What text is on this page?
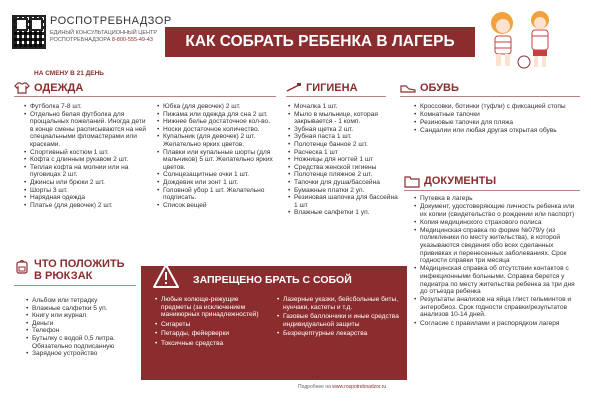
РОСПОТРЕБНАДЗОР
ЕДИНЫЙ КОНСУЛЬТАЦИОННЫЙ ЦЕНТР
РОСПОТРЕБНАДЗОРА 8-800-555-49-43	КАК СОБРАТЬ РЕБЕНКА В ЛАГЕРЬ
НА СМЕНУ В 21 ДЕНЬ
ОДЕЖДА
• Футболка 7-8 шт.
• Отдельно белая футболка для прощальных пожеланий. Иногда дети в конце смены расписываются на ней специальными фломастерами или красками.
• Спортивный костюм 1 шт.
• Кофта с длинным рукавом 2 шт.
• Теплая кофта на молнии или на пуговицах 2 шт.
• Джинсы или брюки 2 шт.
• Шорты 3 шт.
• Нарядная одежда
• Платье (для девочек) 2 шт.
• Юбка (для девочек) 2 шт.
• Пижама или одежда для сна 2 шт.
• Нижнее белье достаточное кол-во.
• Носки достаточное количество.
• Купальник (для девочек) 2 шт. Желательно ярких цветов.
• Плавки или купальные шорты (для мальчиков) 5 шт. Желательно ярких цветов.
• Солнцезащитные очки 1 шт.
• Дождевик или зонт 1 шт.
• Головной убор 1 шт. Желательно подписать.
• Список вещей
ГИГИЕНА
• Мочалка 1 шт.
• Мыло в мыльнице, которая закрывается - 1 комп.
• Зубная щетка 2 шт.
• Зубная паста 1 шт.
• Полотенце банное 2 шт.
• Расческа 1 шт
• Ножницы для ногтей 1 шт
• Средства женской гигиены
• Полотенце пляжное 2 шт.
• Тапочки для душа/бассейна
• Бумажные платки 2 уп.
• Резиновая шапочка для бассейна 1 шт
• Влажные салфетки 1 уп.
ОБУВЬ
• Кроссовки, ботинки (туфли) с фиксацией стопы
• Комнатные тапочки
• Резиновые тапочки для пляжа
• Сандалии или любая другая открытая обувь
ДОКУМЕНТЫ
• Путевка в лагерь
• Документ, удостоверяющие личность ребенка или их копии (свидетельство о рождении или паспорт)
• Копия медицинского страхового полиса
• Медицинская справка по форме №079/у (из поликлиники по месту жительства), в которой указываются сведения обо всех сделанных прививках и перенесенных заболеваниях. Срок годности справки три месяца
• Медицинская справка об отсутствии контактов с инфекционными больными. Справка берется у педиатра по месту жительства ребенка за три дня до отъезда ребенка
• Результаты анализов на яйца глист гельминтов и энтеробиоз. Срок годности справки/результатов анализов 10-14 дней.
• Согласие с правилами и распорядком лагеря
ЧТО ПОЛОЖИТЬ
В РЮКЗАК
• Альбом или тетрадку
• Влажные салфетки 5 уп.
• Книгу или журнал
• Деньги
• Телефон
• Бутылку с водой 0,5 литра. Обязательно подписанную
• Зарядное устройство
ЗАПРЕЩЕНО БРАТЬ С СОБОЙ
• Любые колюще-режущие предметы (за исключением маникюрных принадлежностей)
• Сигареты
• Петарды, фейерверки
• Токсичные средства
• Лазерные указки, бейсбольные биты, нунчаки, кастеты и т.д.
• Газовые баллончики и иные средства индивидуальной защиты
• Безрецептурные лекарства
Подробнее на www.rospotrebnadzor.ru
